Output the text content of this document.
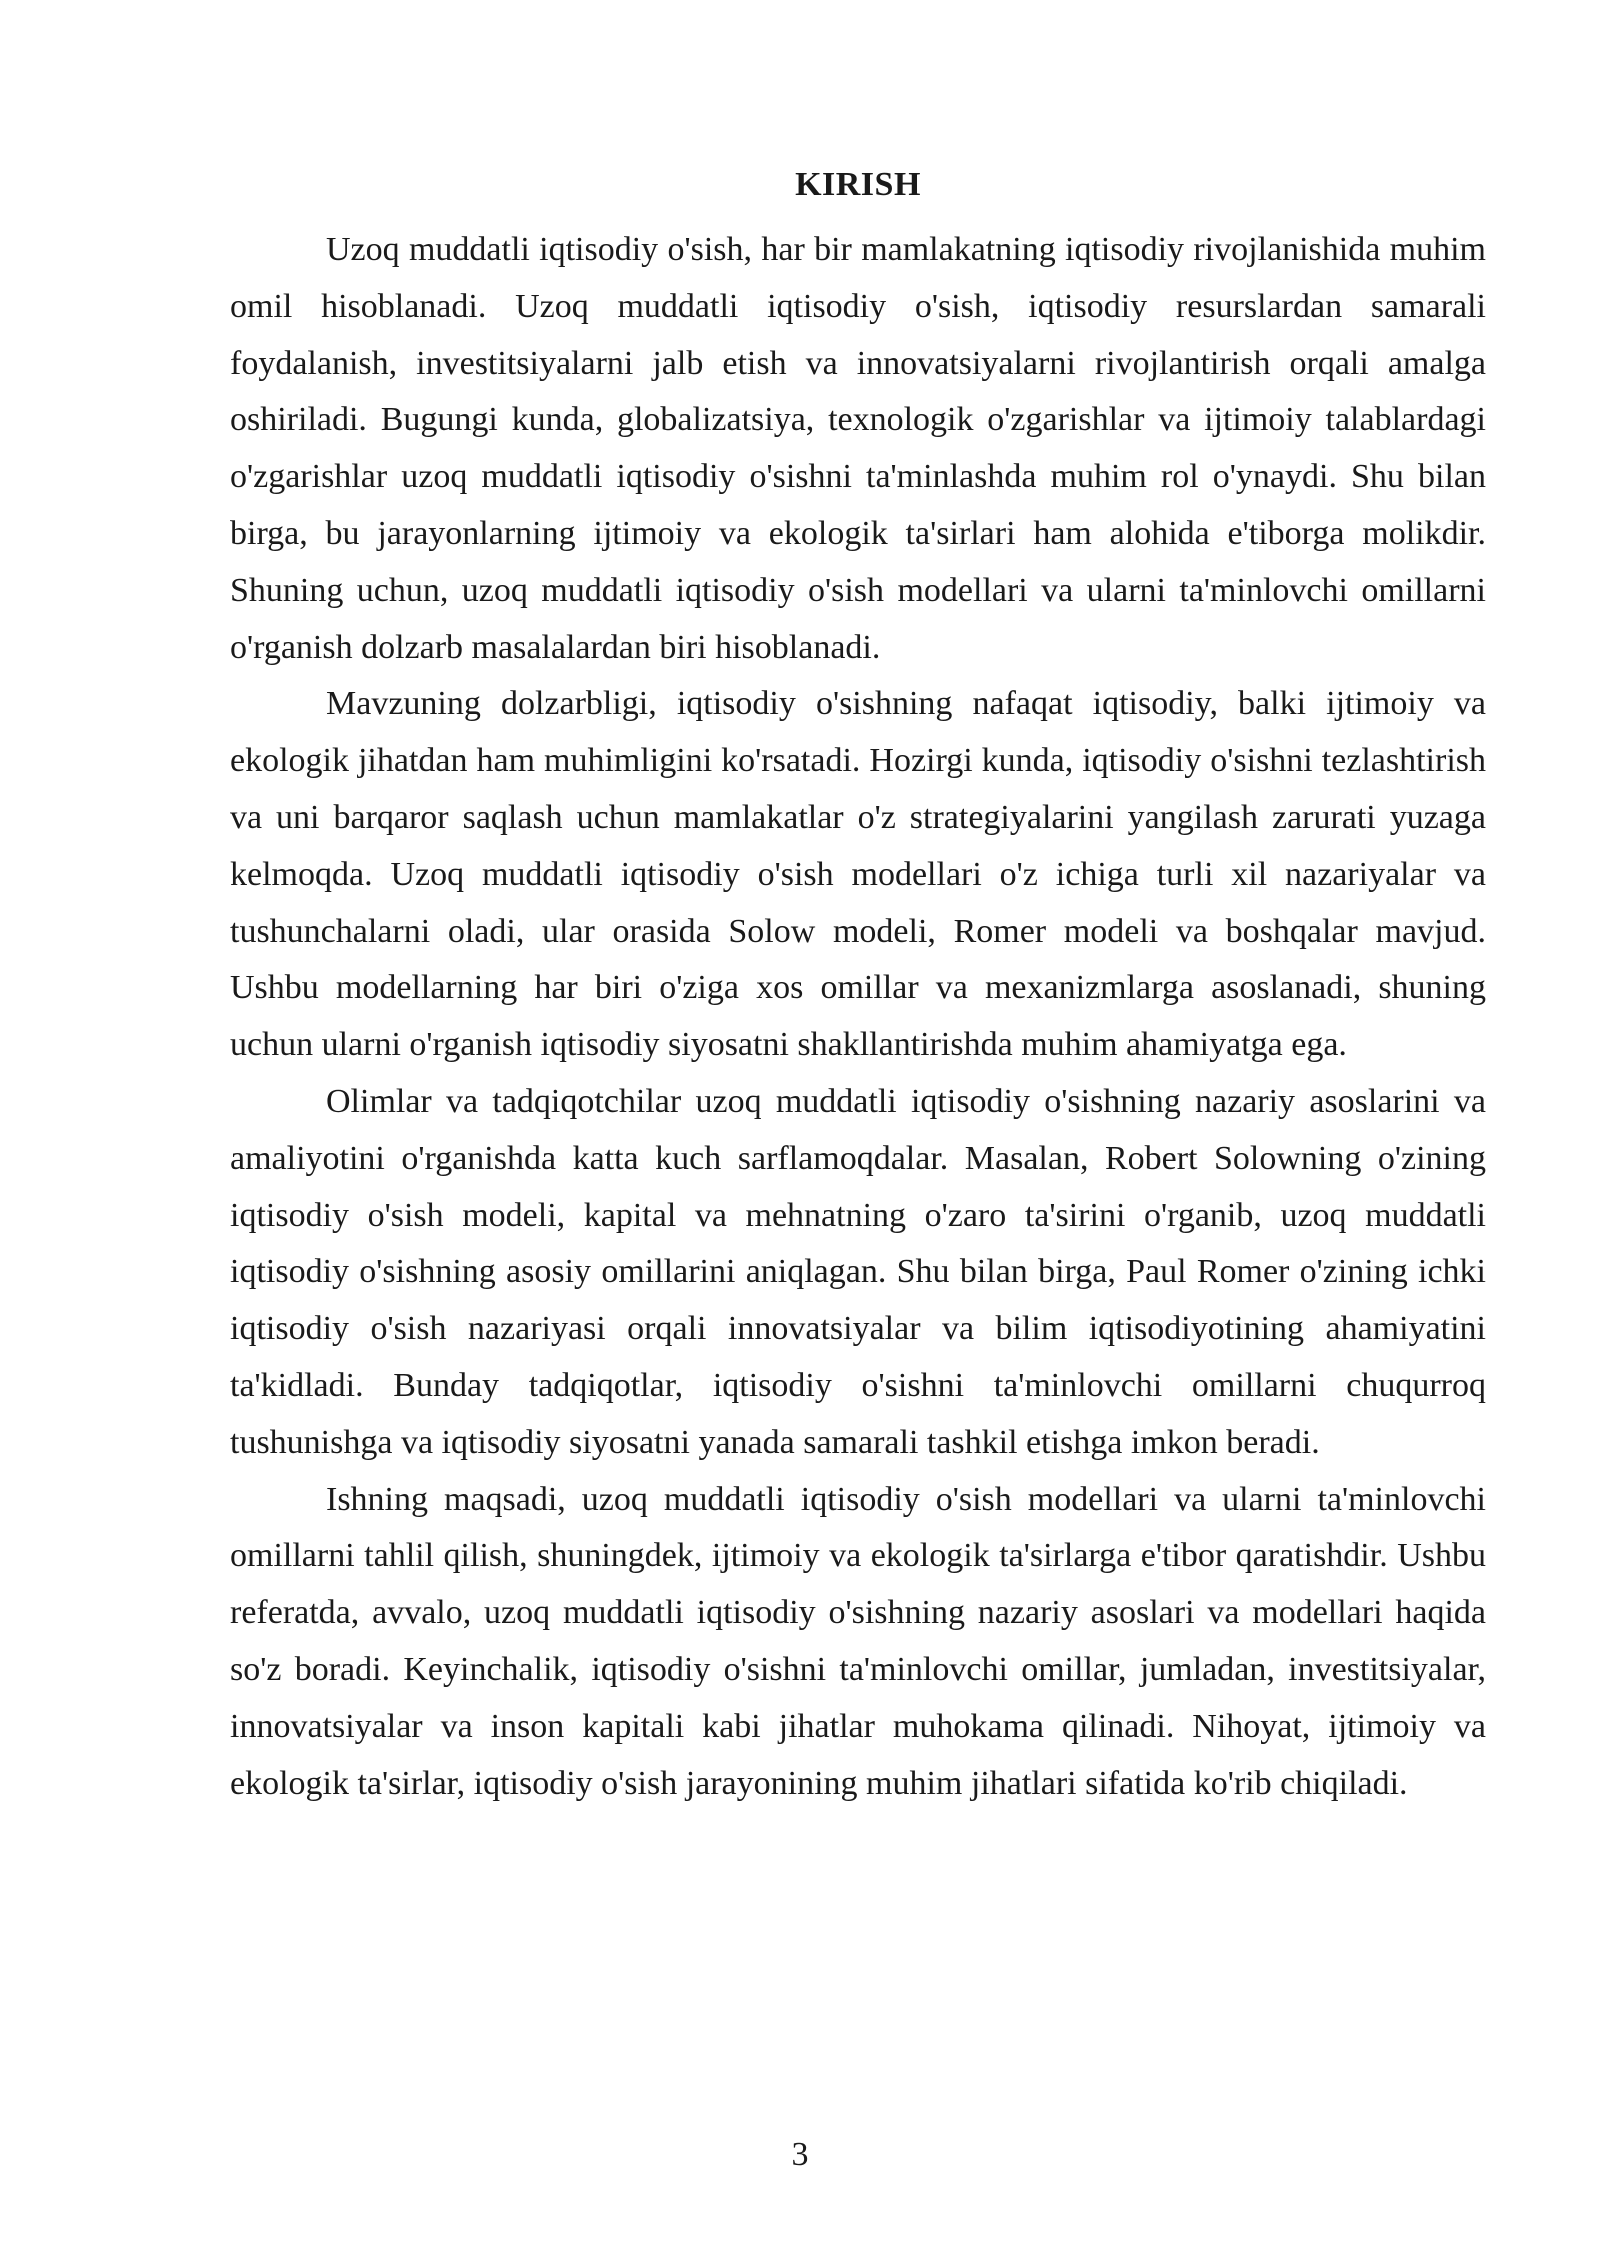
KIRISH

Uzoq muddatli iqtisodiy o'sish, har bir mamlakatning iqtisodiy rivojlanishida muhim omil hisoblanadi. Uzoq muddatli iqtisodiy o'sish, iqtisodiy resurslardan samarali foydalanish, investitsiyalarni jalb etish va innovatsiyalarni rivojlantirish orqali amalga oshiriladi. Bugungi kunda, globalizatsiya, texnologik o'zgarishlar va ijtimoiy talablardagi o'zgarishlar uzoq muddatli iqtisodiy o'sishni ta'minlashda muhim rol o'ynaydi. Shu bilan birga, bu jarayonlarning ijtimoiy va ekologik ta'sirlari ham alohida e'tiborga molikdir. Shuning uchun, uzoq muddatli iqtisodiy o'sish modellari va ularni ta'minlovchi omillarni o'rganish dolzarb masalalardan biri hisoblanadi.

Mavzuning dolzarbligi, iqtisodiy o'sishning nafaqat iqtisodiy, balki ijtimoiy va ekologik jihatdan ham muhimligini ko'rsatadi. Hozirgi kunda, iqtisodiy o'sishni tezlashtirish va uni barqaror saqlash uchun mamlakatlar o'z strategiyalarini yangilash zarurati yuzaga kelmoqda. Uzoq muddatli iqtisodiy o'sish modellari o'z ichiga turli xil nazariyalar va tushunchalarni oladi, ular orasida Solow modeli, Romer modeli va boshqalar mavjud. Ushbu modellarning har biri o'ziga xos omillar va mexanizmlarga asoslanadi, shuning uchun ularni o'rganish iqtisodiy siyosatni shakllantirishda muhim ahamiyatga ega.

Olimlar va tadqiqotchilar uzoq muddatli iqtisodiy o'sishning nazariy asoslarini va amaliyotini o'rganishda katta kuch sarflamoqdalar. Masalan, Robert Solowning o'zining iqtisodiy o'sish modeli, kapital va mehnatning o'zaro ta'sirini o'rganib, uzoq muddatli iqtisodiy o'sishning asosiy omillarini aniqlagan. Shu bilan birga, Paul Romer o'zining ichki iqtisodiy o'sish nazariyasi orqali innovatsiyalar va bilim iqtisodiyotining ahamiyatini ta'kidladi. Bunday tadqiqotlar, iqtisodiy o'sishni ta'minlovchi omillarni chuqurroq tushunishga va iqtisodiy siyosatni yanada samarali tashkil etishga imkon beradi.

Ishning maqsadi, uzoq muddatli iqtisodiy o'sish modellari va ularni ta'minlovchi omillarni tahlil qilish, shuningdek, ijtimoiy va ekologik ta'sirlarga e'tibor qaratishdir. Ushbu referatda, avvalo, uzoq muddatli iqtisodiy o'sishning nazariy asoslari va modellari haqida so'z boradi. Keyinchalik, iqtisodiy o'sishni ta'minlovchi omillar, jumladan, investitsiyalar, innovatsiyalar va inson kapitali kabi jihatlar muhokama qilinadi. Nihoyat, ijtimoiy va ekologik ta'sirlar, iqtisodiy o'sish jarayonining muhim jihatlari sifatida ko'rib chiqiladi.

3
